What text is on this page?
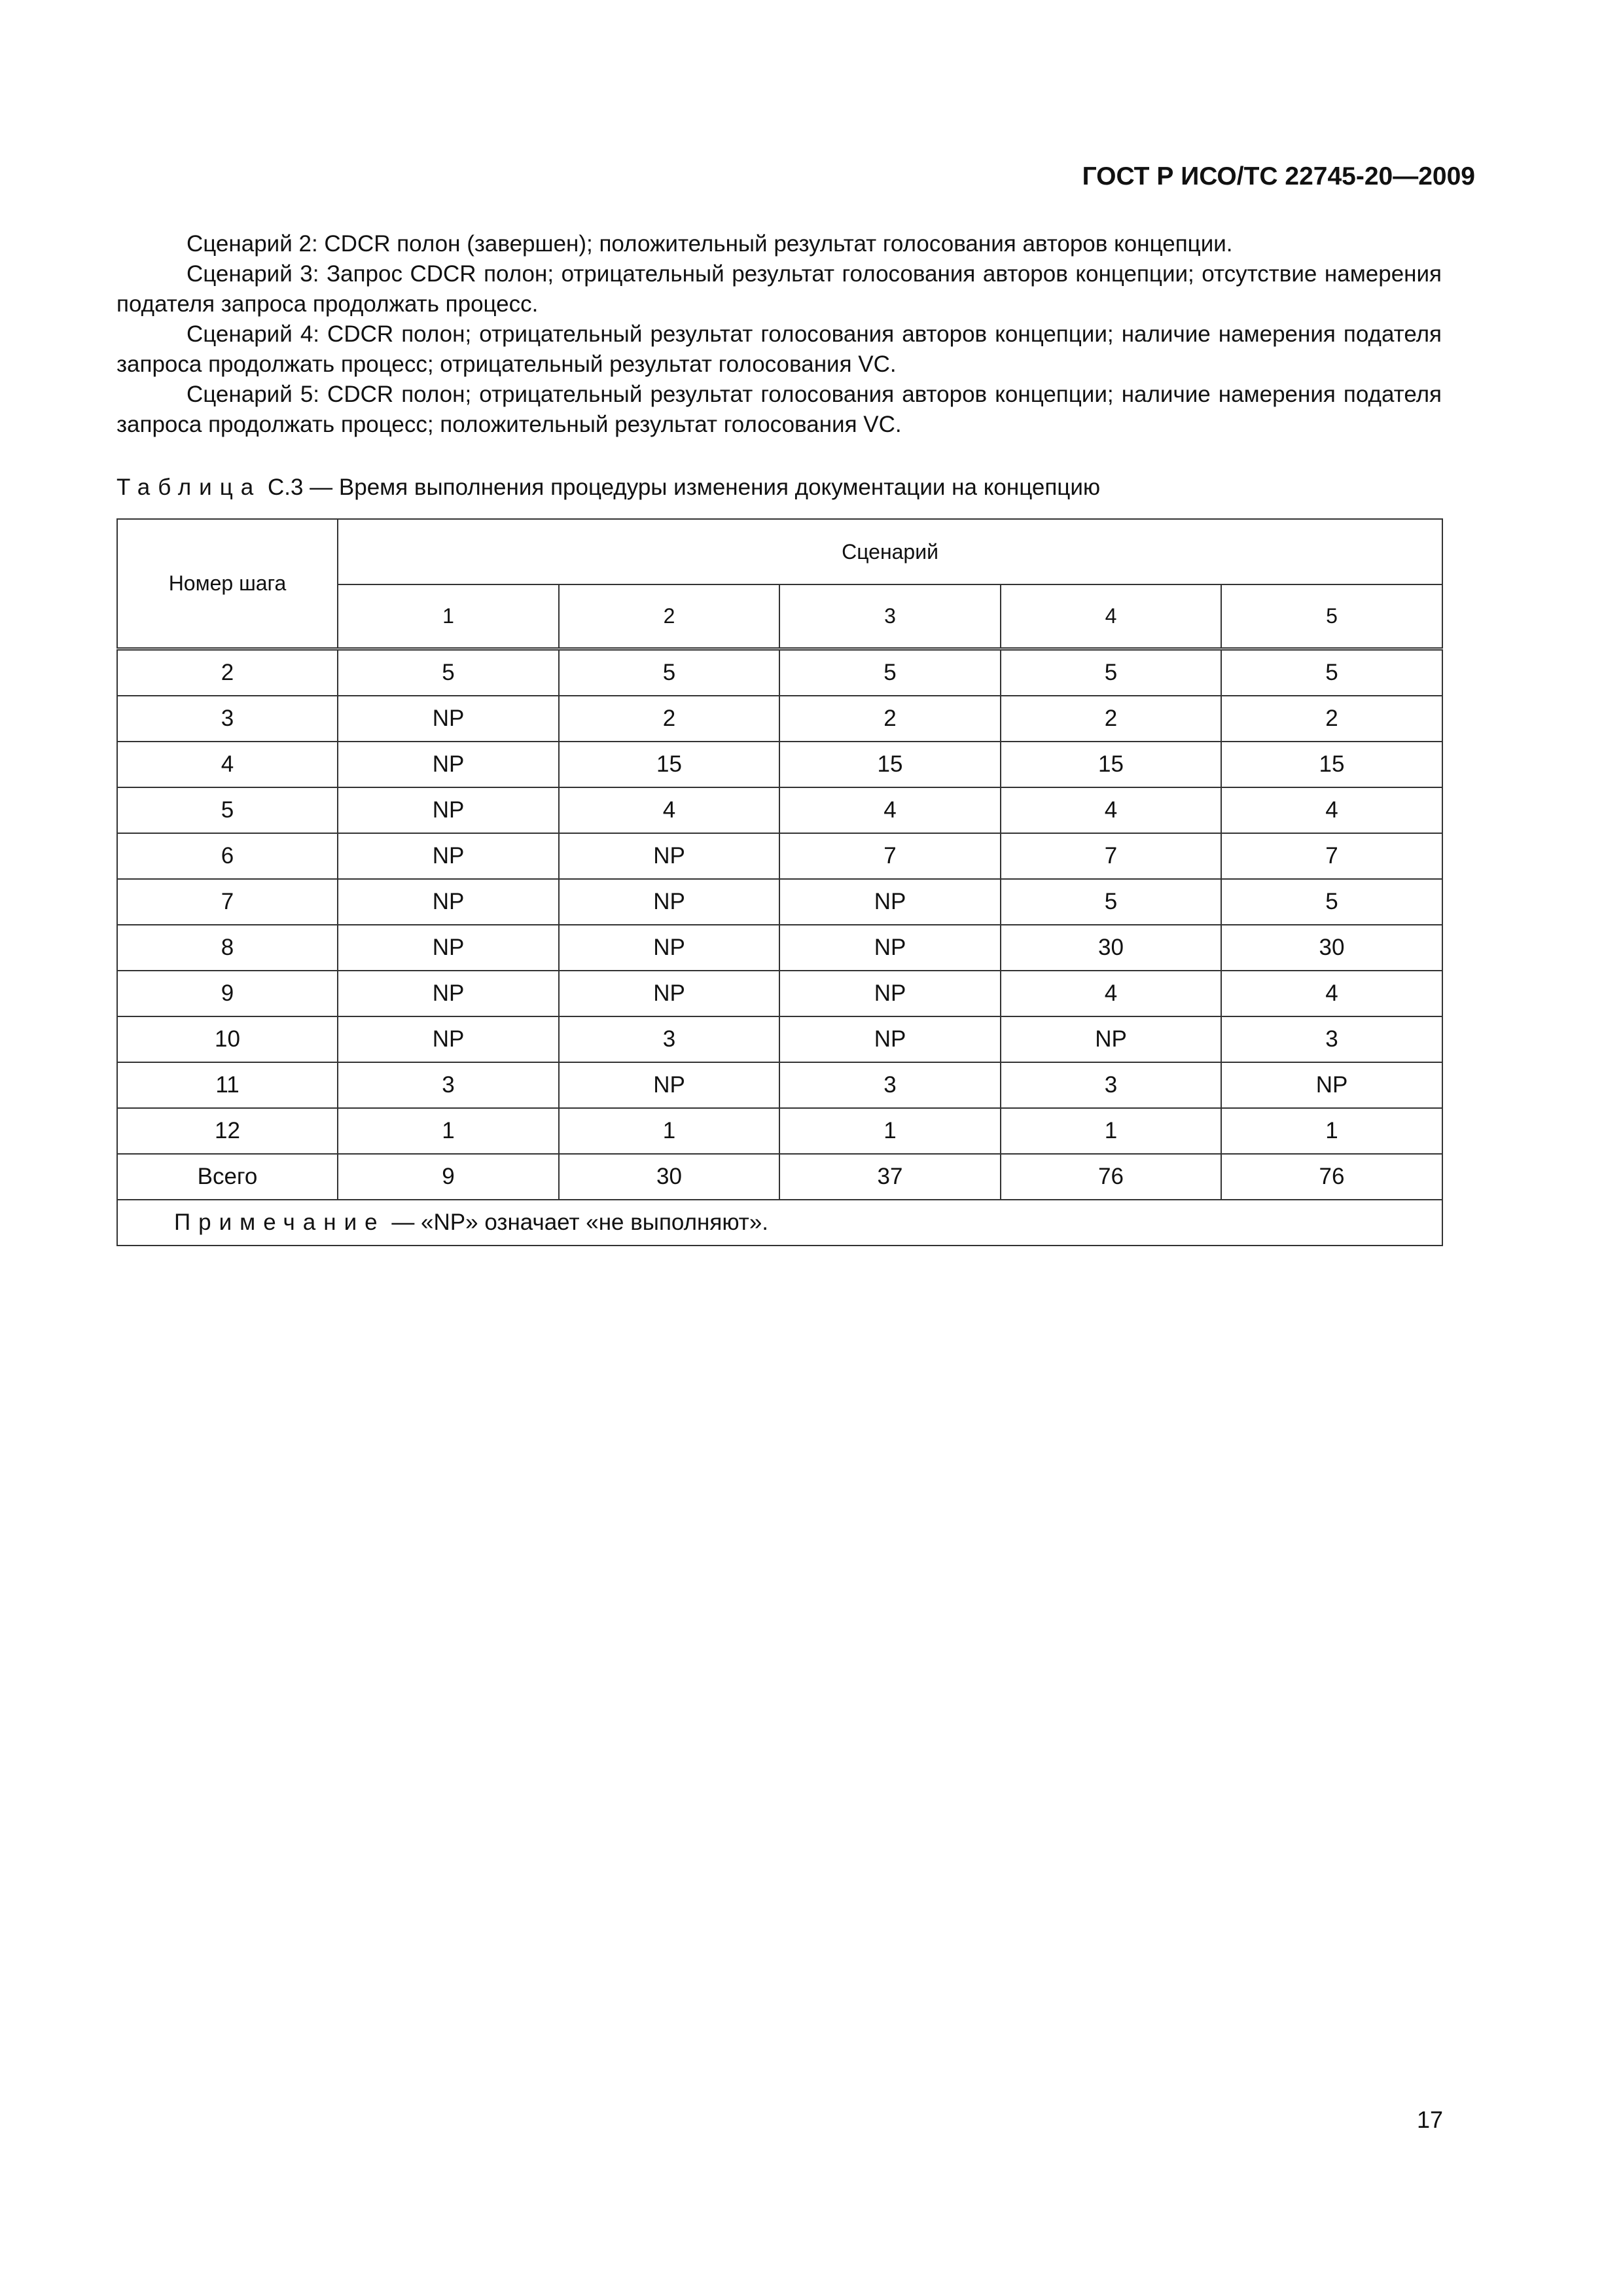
ГОСТ Р ИСО/ТС 22745-20—2009

Сценарий 2: CDCR полон (завершен); положительный результат голосования авторов концепции.

Сценарий 3: Запрос CDCR полон; отрицательный результат голосования авторов концепции; отсутствие намерения подателя запроса продолжать процесс.

Сценарий 4: CDCR полон; отрицательный результат голосования авторов концепции; наличие намерения подателя запроса продолжать процесс; отрицательный результат голосования VC.

Сценарий 5: CDCR полон; отрицательный результат голосования авторов концепции; наличие намерения подателя запроса продолжать процесс; положительный результат голосования VC.

Таблица С.3 — Время выполнения процедуры изменения документации на концепцию
Номер шага	Сценарий				
	1	2	3	4	5
2	5	5	5	5	5
3	NP	2	2	2	2
4	NP	15	15	15	15
5	NP	4	4	4	4
6	NP	NP	7	7	7
7	NP	NP	NP	5	5
8	NP	NP	NP	30	30
9	NP	NP	NP	4	4
10	NP	3	NP	NP	3
11	3	NP	3	3	NP
12	1	1	1	1	1
Всего	9	30	37	76	76
Примечание — «NP» означает «не выполняют».					
17
